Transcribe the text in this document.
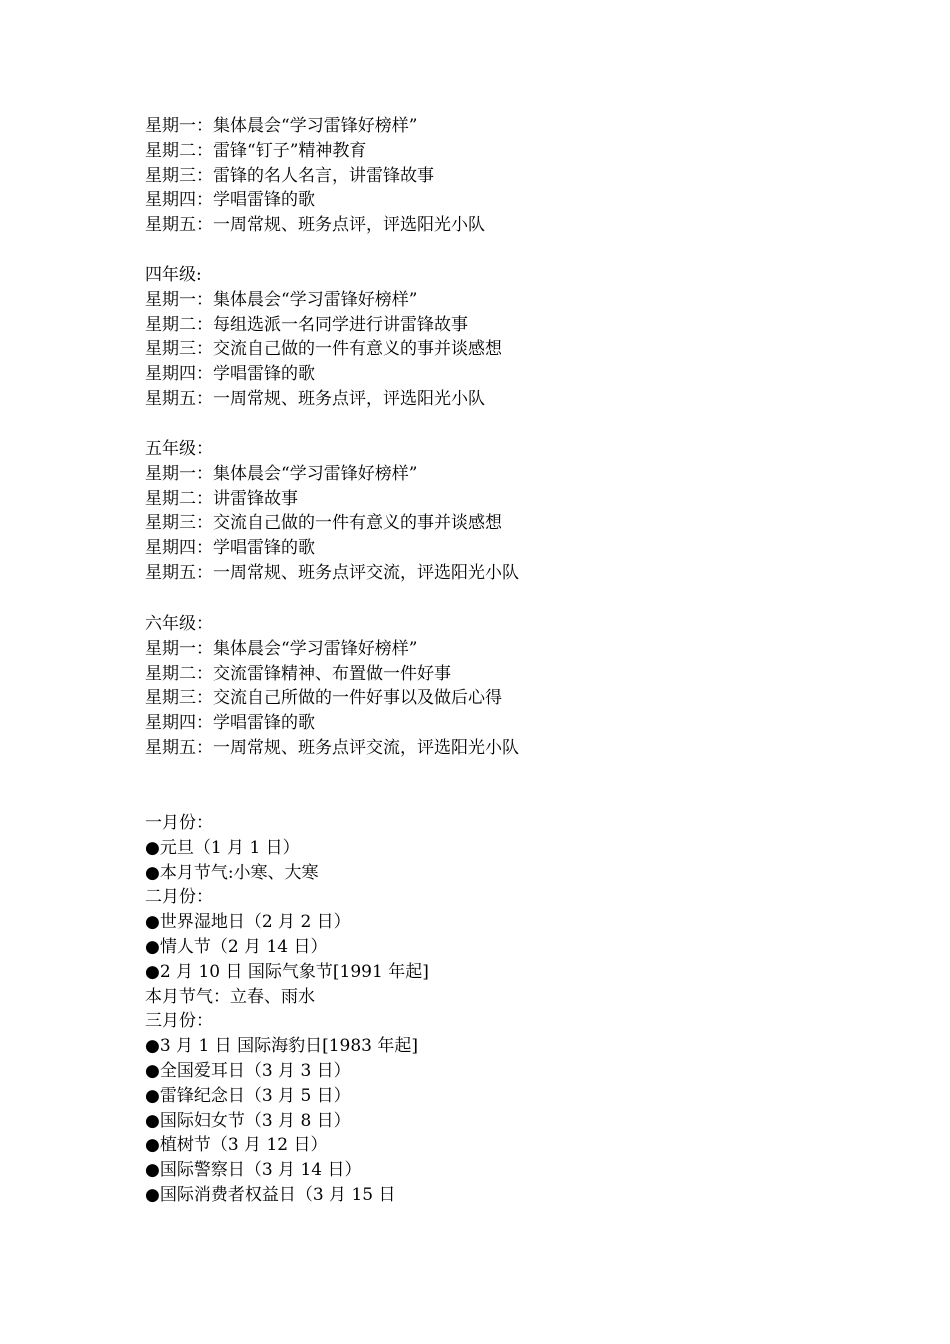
星期一：集体晨会“学习雷锋好榜样”
星期二：雷锋“钉子”精神教育
星期三：雷锋的名人名言，讲雷锋故事
星期四：学唱雷锋的歌
星期五：一周常规、班务点评，评选阳光小队
四年级:
星期一：集体晨会“学习雷锋好榜样”
星期二：每组选派一名同学进行讲雷锋故事
星期三：交流自己做的一件有意义的事并谈感想
星期四：学唱雷锋的歌
星期五：一周常规、班务点评，评选阳光小队
五年级：
星期一：集体晨会“学习雷锋好榜样”
星期二：讲雷锋故事
星期三：交流自己做的一件有意义的事并谈感想
星期四：学唱雷锋的歌
星期五：一周常规、班务点评交流，评选阳光小队
六年级：
星期一：集体晨会“学习雷锋好榜样”
星期二：交流雷锋精神、布置做一件好事
星期三：交流自己所做的一件好事以及做后心得
星期四：学唱雷锋的歌
星期五：一周常规、班务点评交流，评选阳光小队
一月份：
●元旦（1 月 1 日）
●本月节气:小寒、大寒
二月份：
●世界湿地日（2 月 2 日）
●情人节（2 月 14 日）
●2 月 10 日 国际气象节[1991 年起]
本月节气：立春、雨水
三月份：
●3 月 1 日 国际海豹日[1983 年起]
●全国爱耳日（3 月 3 日）
●雷锋纪念日（3 月 5 日）
●国际妇女节（3 月 8 日）
●植树节（3 月 12 日）
●国际警察日（3 月 14 日）
●国际消费者权益日（3 月 15 日
